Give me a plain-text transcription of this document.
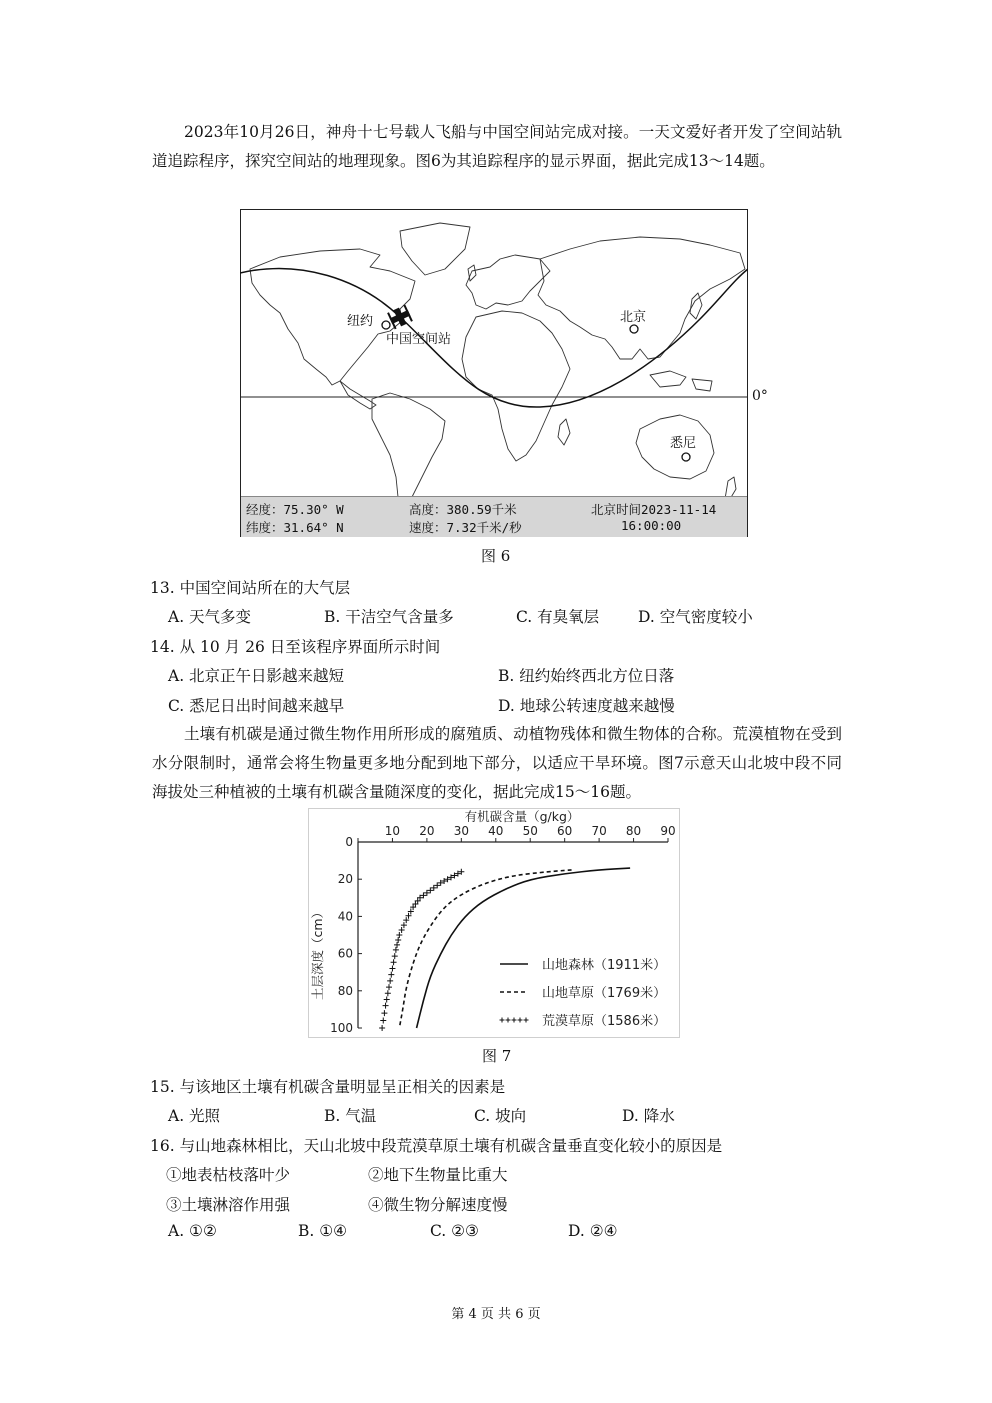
2023年10月26日，神舟十七号载人飞船与中国空间站完成对接。一天文爱好者开发了空间站轨道追踪程序，探究空间站的地理现象。图6为其追踪程序的显示界面，据此完成13～14题。

纽约
中国空间站
北京
悉尼
0°
经度：75.30° W
纬度：31.64° N
高度：380.59千米
速度：7.32千米/秒
北京时间2023-11-14
16:00:00
图 6
13. 中国空间站所在的大气层
A. 天气多变	B. 干洁空气含量多	C. 有臭氧层	D. 空气密度较小
14. 从 10 月 26 日至该程序界面所示时间
A. 北京正午日影越来越短	B. 纽约始终西北方位日落
C. 悉尼日出时间越来越早	D. 地球公转速度越来越慢

土壤有机碳是通过微生物作用所形成的腐殖质、动植物残体和微生物体的合称。荒漠植物在受到水分限制时，通常会将生物量更多地分配到地下部分，以适应干旱环境。图7示意天山北坡中段不同海拔处三种植被的土壤有机碳含量随深度的变化，据此完成15～16题。

有机碳含量（g/kg）
土层深度（cm）
10 20 30 40 50 60 70 80 90
0
20
40
60
80
100
山地森林（1911米）
山地草原（1769米）
荒漠草原（1586米）
图 7
15. 与该地区土壤有机碳含量明显呈正相关的因素是
A. 光照	B. 气温	C. 坡向	D. 降水
16. 与山地森林相比，天山北坡中段荒漠草原土壤有机碳含量垂直变化较小的原因是
①地表枯枝落叶少	②地下生物量比重大
③土壤淋溶作用强	④微生物分解速度慢
A. ①②	B. ①④	C. ②③	D. ②④
第 4 页 共 6 页
